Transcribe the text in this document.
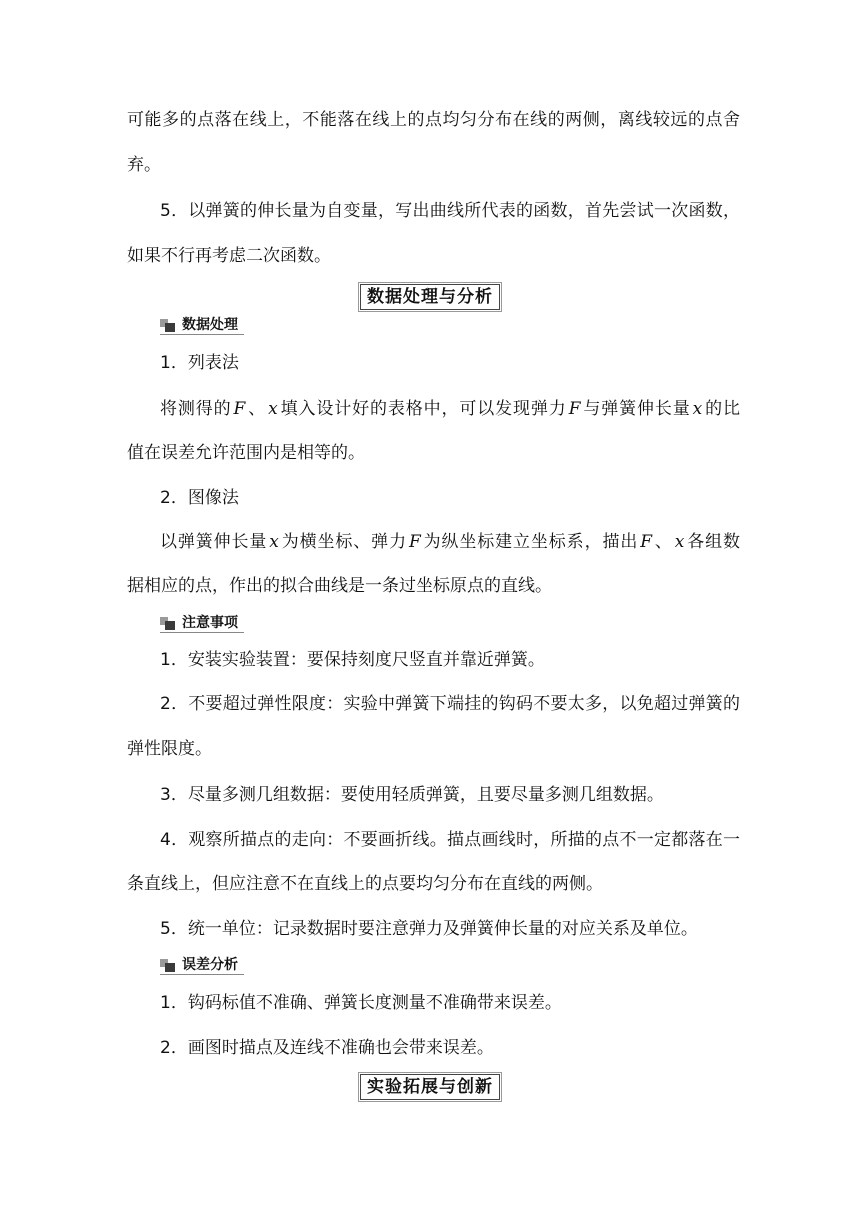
可能多的点落在线上，不能落在线上的点均匀分布在线的两侧，离线较远的点舍
弃。
5．以弹簧的伸长量为自变量，写出曲线所代表的函数，首先尝试一次函数，
如果不行再考虑二次函数。
数据处理与分析
数据处理
1．列表法
将测得的 F 、 x 填入设计好的表格中，可以发现弹力 F 与弹簧伸长量 x 的比
值在误差允许范围内是相等的。
2．图像法
以弹簧伸长量 x 为横坐标、弹力 F 为纵坐标建立坐标系，描出 F 、 x 各组数
据相应的点，作出的拟合曲线是一条过坐标原点的直线。
注意事项
1．安装实验装置：要保持刻度尺竖直并靠近弹簧。
2．不要超过弹性限度：实验中弹簧下端挂的钩码不要太多，以免超过弹簧的
弹性限度。
3．尽量多测几组数据：要使用轻质弹簧，且要尽量多测几组数据。
4．观察所描点的走向：不要画折线。描点画线时，所描的点不一定都落在一
条直线上，但应注意不在直线上的点要均匀分布在直线的两侧。
5．统一单位：记录数据时要注意弹力及弹簧伸长量的对应关系及单位。
误差分析
1．钩码标值不准确、弹簧长度测量不准确带来误差。
2．画图时描点及连线不准确也会带来误差。
实验拓展与创新
